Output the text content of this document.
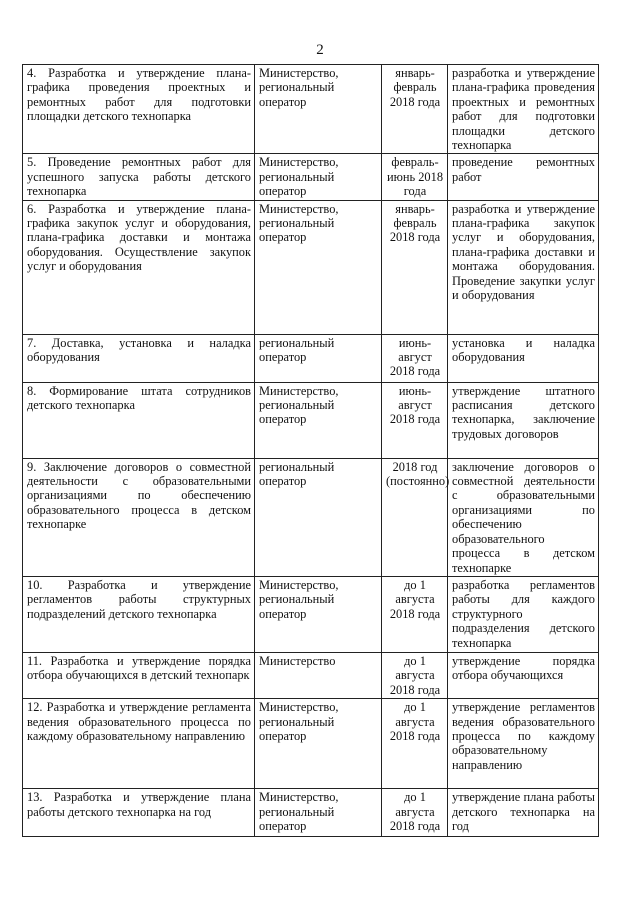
2
4. Разработка и утверждение плана-графика проведения проектных и ремонтных работ для подготовки площадки детского технопарка	Министерство, региональный оператор	январь-февраль 2018 года	разработка и утверждение плана-графика проведения проектных и ремонтных работ для подготовки площадки детского технопарка
5. Проведение ремонтных работ для успешного запуска работы детского технопарка	Министерство, региональный оператор	февраль-июнь 2018 года	проведение ремонтных работ
6. Разработка и утверждение плана-графика закупок услуг и оборудования, плана-графика доставки и монтажа оборудования. Осуществление закупок услуг и оборудования	Министерство, региональный оператор	январь-февраль 2018 года	разработка и утверждение плана-графика закупок услуг и оборудования, плана-графика доставки и монтажа оборудования. Проведение закупки услуг и оборудования
7. Доставка, установка и наладка оборудования	региональный оператор	июнь-август 2018 года	установка и наладка оборудования
8. Формирование штата сотрудников детского технопарка	Министерство, региональный оператор	июнь-август 2018 года	утверждение штатного расписания детского технопарка, заключение трудовых договоров
9. Заключение договоров о совместной деятельности с образовательными организациями по обеспечению образовательного процесса в детском технопарке	региональный оператор	2018 год (постоянно)	заключение договоров о совместной деятельности с образовательными организациями по обеспечению образовательного процесса в детском технопарке
10. Разработка и утверждение регламентов работы структурных подразделений детского технопарка	Министерство, региональный оператор	до 1 августа 2018 года	разработка регламентов работы для каждого структурного подразделения детского технопарка
11. Разработка и утверждение порядка отбора обучающихся в детский технопарк	Министерство	до 1 августа 2018 года	утверждение порядка отбора обучающихся
12. Разработка и утверждение регламента ведения образовательного процесса по каждому образовательному направлению	Министерство, региональный оператор	до 1 августа 2018 года	утверждение регламентов ведения образовательного процесса по каждому образовательному направлению
13. Разработка и утверждение плана работы детского технопарка на год	Министерство, региональный оператор	до 1 августа 2018 года	утверждение плана работы детского технопарка на год
